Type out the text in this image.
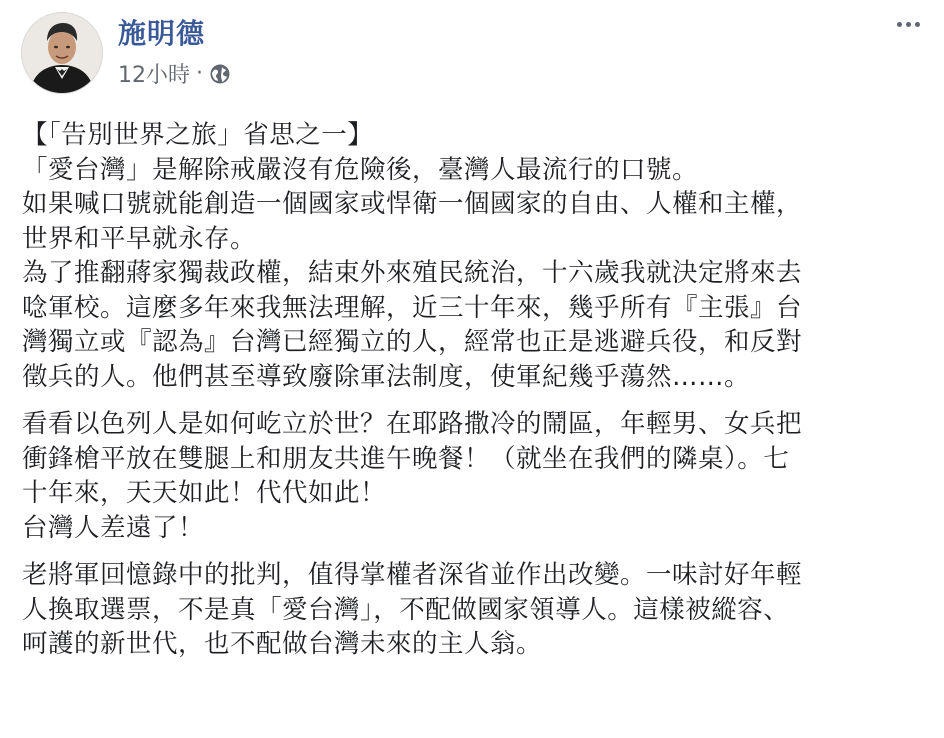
施明德
12小時 ·
【「告別世界之旅」省思之一】
「愛台灣」是解除戒嚴沒有危險後，臺灣人最流行的口號。
如果喊口號就能創造一個國家或悍衛一個國家的自由、人權和主權，
世界和平早就永存。
為了推翻蔣家獨裁政權，結束外來殖民統治，十六歲我就決定將來去
唸軍校。這麼多年來我無法理解，近三十年來，幾乎所有『主張』台
灣獨立或『認為』台灣已經獨立的人，經常也正是逃避兵役，和反對
徵兵的人。他們甚至導致廢除軍法制度，使軍紀幾乎蕩然……。
看看以色列人是如何屹立於世？在耶路撒冷的鬧區，年輕男、女兵把
衝鋒槍平放在雙腿上和朋友共進午晚餐！（就坐在我們的隣桌）。七
十年來，天天如此！代代如此！
台灣人差遠了！
老將軍回憶錄中的批判，值得掌權者深省並作出改變。一味討好年輕
人換取選票，不是真「愛台灣」，不配做國家領導人。這樣被縱容、
呵護的新世代，也不配做台灣未來的主人翁。
